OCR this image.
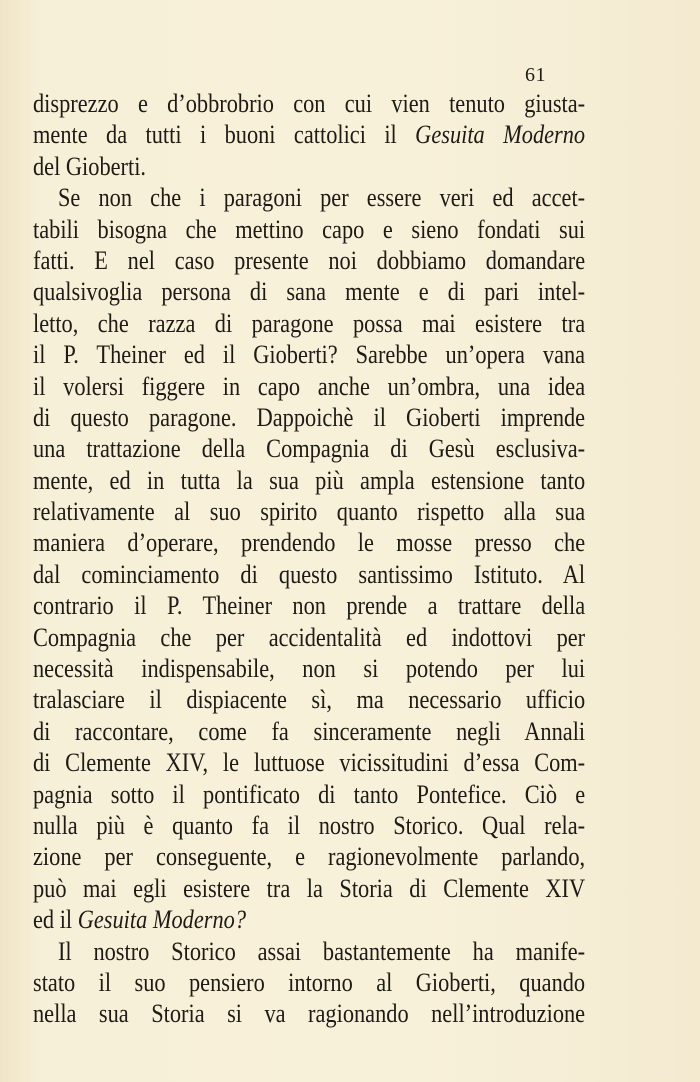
61
disprezzo e d’obbrobrio con cui vien tenuto giusta-
mente da tutti i buoni cattolici il Gesuita Moderno
del Gioberti.
Se non che i paragoni per essere veri ed accet-
tabili bisogna che mettino capo e sieno fondati sui
fatti. E nel caso presente noi dobbiamo domandare
qualsivoglia persona di sana mente e di pari intel-
letto, che razza di paragone possa mai esistere tra
il P. Theiner ed il Gioberti? Sarebbe un’opera vana
il volersi figgere in capo anche un’ombra, una idea
di questo paragone. Dappoichè il Gioberti imprende
una trattazione della Compagnia di Gesù esclusiva-
mente, ed in tutta la sua più ampla estensione tanto
relativamente al suo spirito quanto rispetto alla sua
maniera d’operare, prendendo le mosse presso che
dal cominciamento di questo santissimo Istituto. Al
contrario il P. Theiner non prende a trattare della
Compagnia che per accidentalità ed indottovi per
necessità indispensabile, non si potendo per lui
tralasciare il dispiacente sì, ma necessario ufficio
di raccontare, come fa sinceramente negli Annali
di Clemente XIV, le luttuose vicissitudini d’essa Com-
pagnia sotto il pontificato di tanto Pontefice. Ciò e
nulla più è quanto fa il nostro Storico. Qual rela-
zione per conseguente, e ragionevolmente parlando,
può mai egli esistere tra la Storia di Clemente XIV
ed il Gesuita Moderno?
Il nostro Storico assai bastantemente ha manife-
stato il suo pensiero intorno al Gioberti, quando
nella sua Storia si va ragionando nell’introduzione
